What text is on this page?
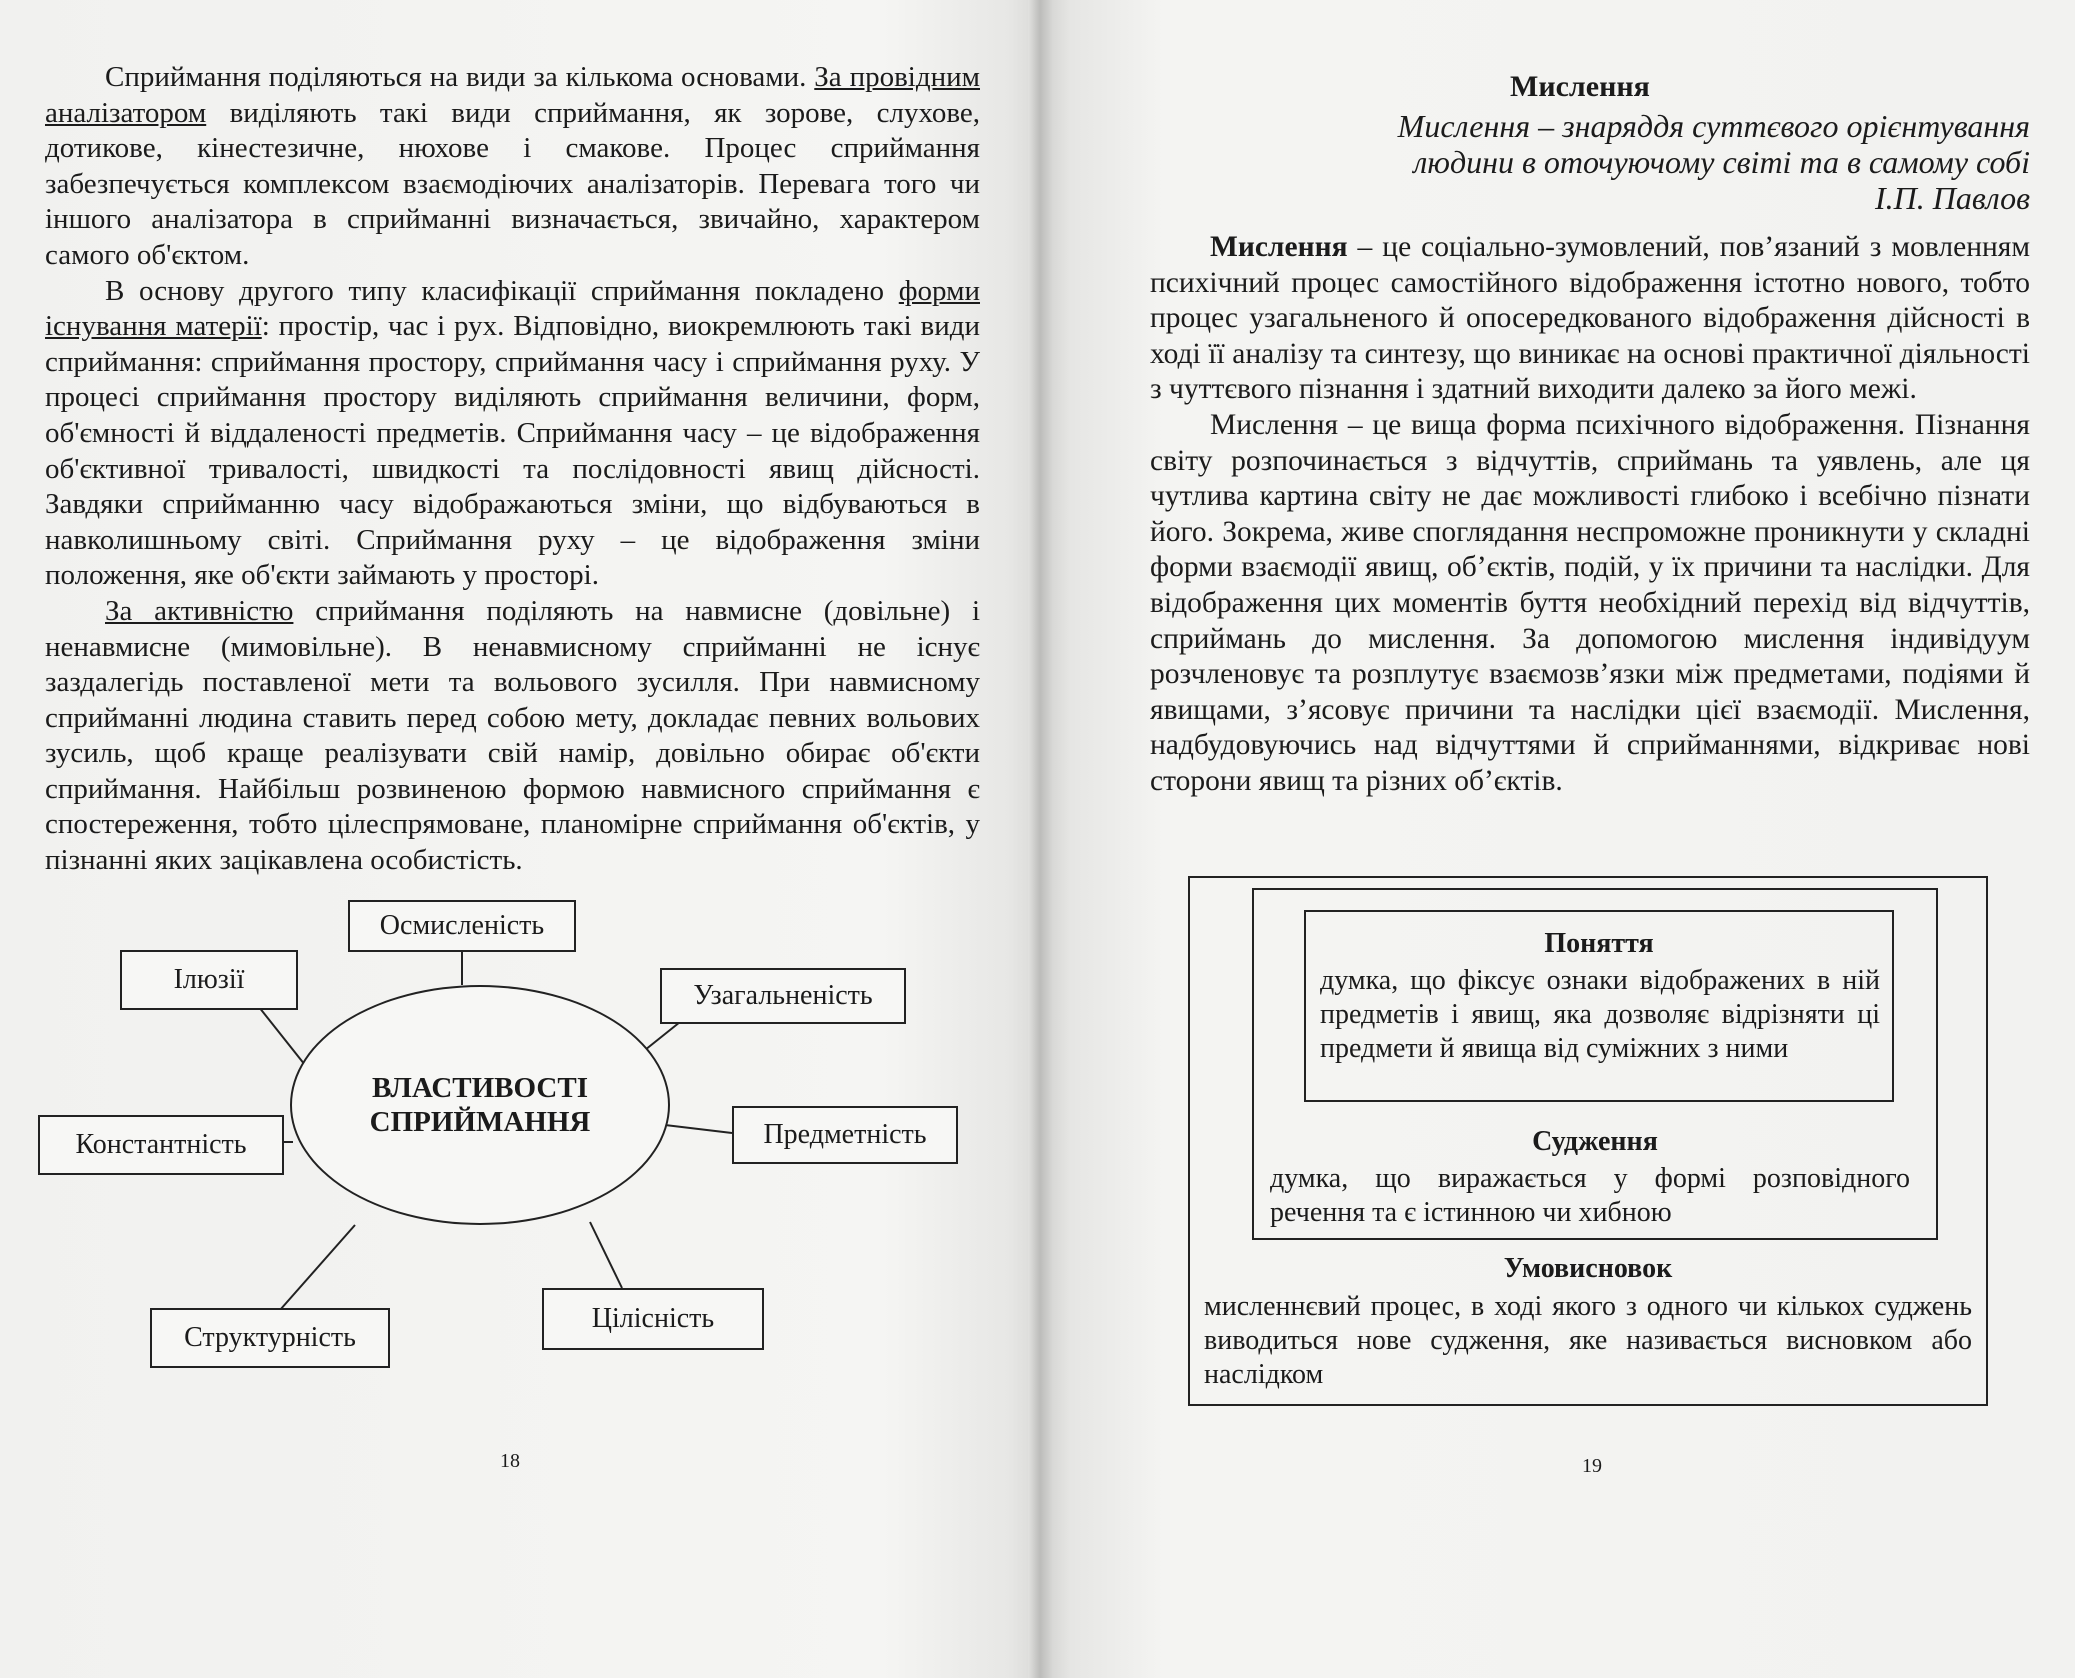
Сприймання поділяються на види за кількома основами. За провідним аналізатором виділяють такі види сприймання, як зорове, слухове, дотикове, кінестезичне, нюхове і смакове. Процес сприймання забезпечується комплексом взаємодіючих аналізаторів. Перевага того чи іншого аналізатора в сприйманні визначається, звичайно, характером самого об'єктом.

В основу другого типу класифікації сприймання покладено форми існування матерії: простір, час і рух. Відповідно, виокремлюють такі види сприймання: сприймання простору, сприймання часу і сприймання руху. У процесі сприймання простору виділяють сприймання величини, форм, об'ємності й віддаленості предметів. Сприймання часу – це відображення об'єктивної тривалості, швидкості та послідовності явищ дійсності. Завдяки сприйманню часу відображаються зміни, що відбуваються в навколишньому світі. Сприймання руху – це відображення зміни положення, яке об'єкти займають у просторі.

За активністю сприймання поділяють на навмисне (довільне) і ненавмисне (мимовільне). В ненавмисному сприйманні не існує заздалегідь поставленої мети та вольового зусилля. При навмисному сприйманні людина ставить перед собою мету, докладає певних вольових зусиль, щоб краще реалізувати свій намір, довільно обирає об'єкти сприймання. Найбільш розвиненою формою навмисного сприймання є спостереження, тобто цілеспрямоване, планомірне сприймання об'єктів, у пізнанні яких зацікавлена особистість.

Осмисленість
Ілюзії
Узагальненість
Константність	Предметність
Структурність
Цілісність
ВЛАСТИВОСТІ
СПРИЙМАННЯ
18
Мислення
Мислення – знаряддя суттєвого орієнтування
людини в оточуючому світі та в самому собі
І.П. Павлов

Мислення – це соціально-зумовлений, пов’язаний з мовленням психічний процес самостійного відображення істотно нового, тобто процес узагальненого й опосередкованого відображення дійсності в ході її аналізу та синтезу, що виникає на основі практичної діяльності з чуттєвого пізнання і здатний виходити далеко за його межі.

Мислення – це вища форма психічного відображення. Пізнання світу розпочинається з відчуттів, сприймань та уявлень, але ця чутлива картина світу не дає можливості глибоко і всебічно пізнати його. Зокрема, живе споглядання неспроможне проникнути у складні форми взаємодії явищ, об’єктів, подій, у їх причини та наслідки. Для відображення цих моментів буття необхідний перехід від відчуттів, сприймань до мислення. За допомогою мислення індивідуум розчленовує та розплутує взаємозв’язки між предметами, подіями й явищами, з’ясовує причини та наслідки цієї взаємодії. Мислення, надбудовуючись над відчуттями й сприйманнями, відкриває нові сторони явищ та різних об’єктів.

Умовисновок
мисленнєвий процес, в ході якого з одного чи кількох суджень виводиться нове судження, яке називається висновком або наслідком
Судження
думка, що виражається у формі розповідного речення та є істинною чи хибною
Поняття
думка, що фіксує ознаки відображених в ній предметів і явищ, яка дозволяє відрізняти ці предмети й явища від суміжних з ними
19
